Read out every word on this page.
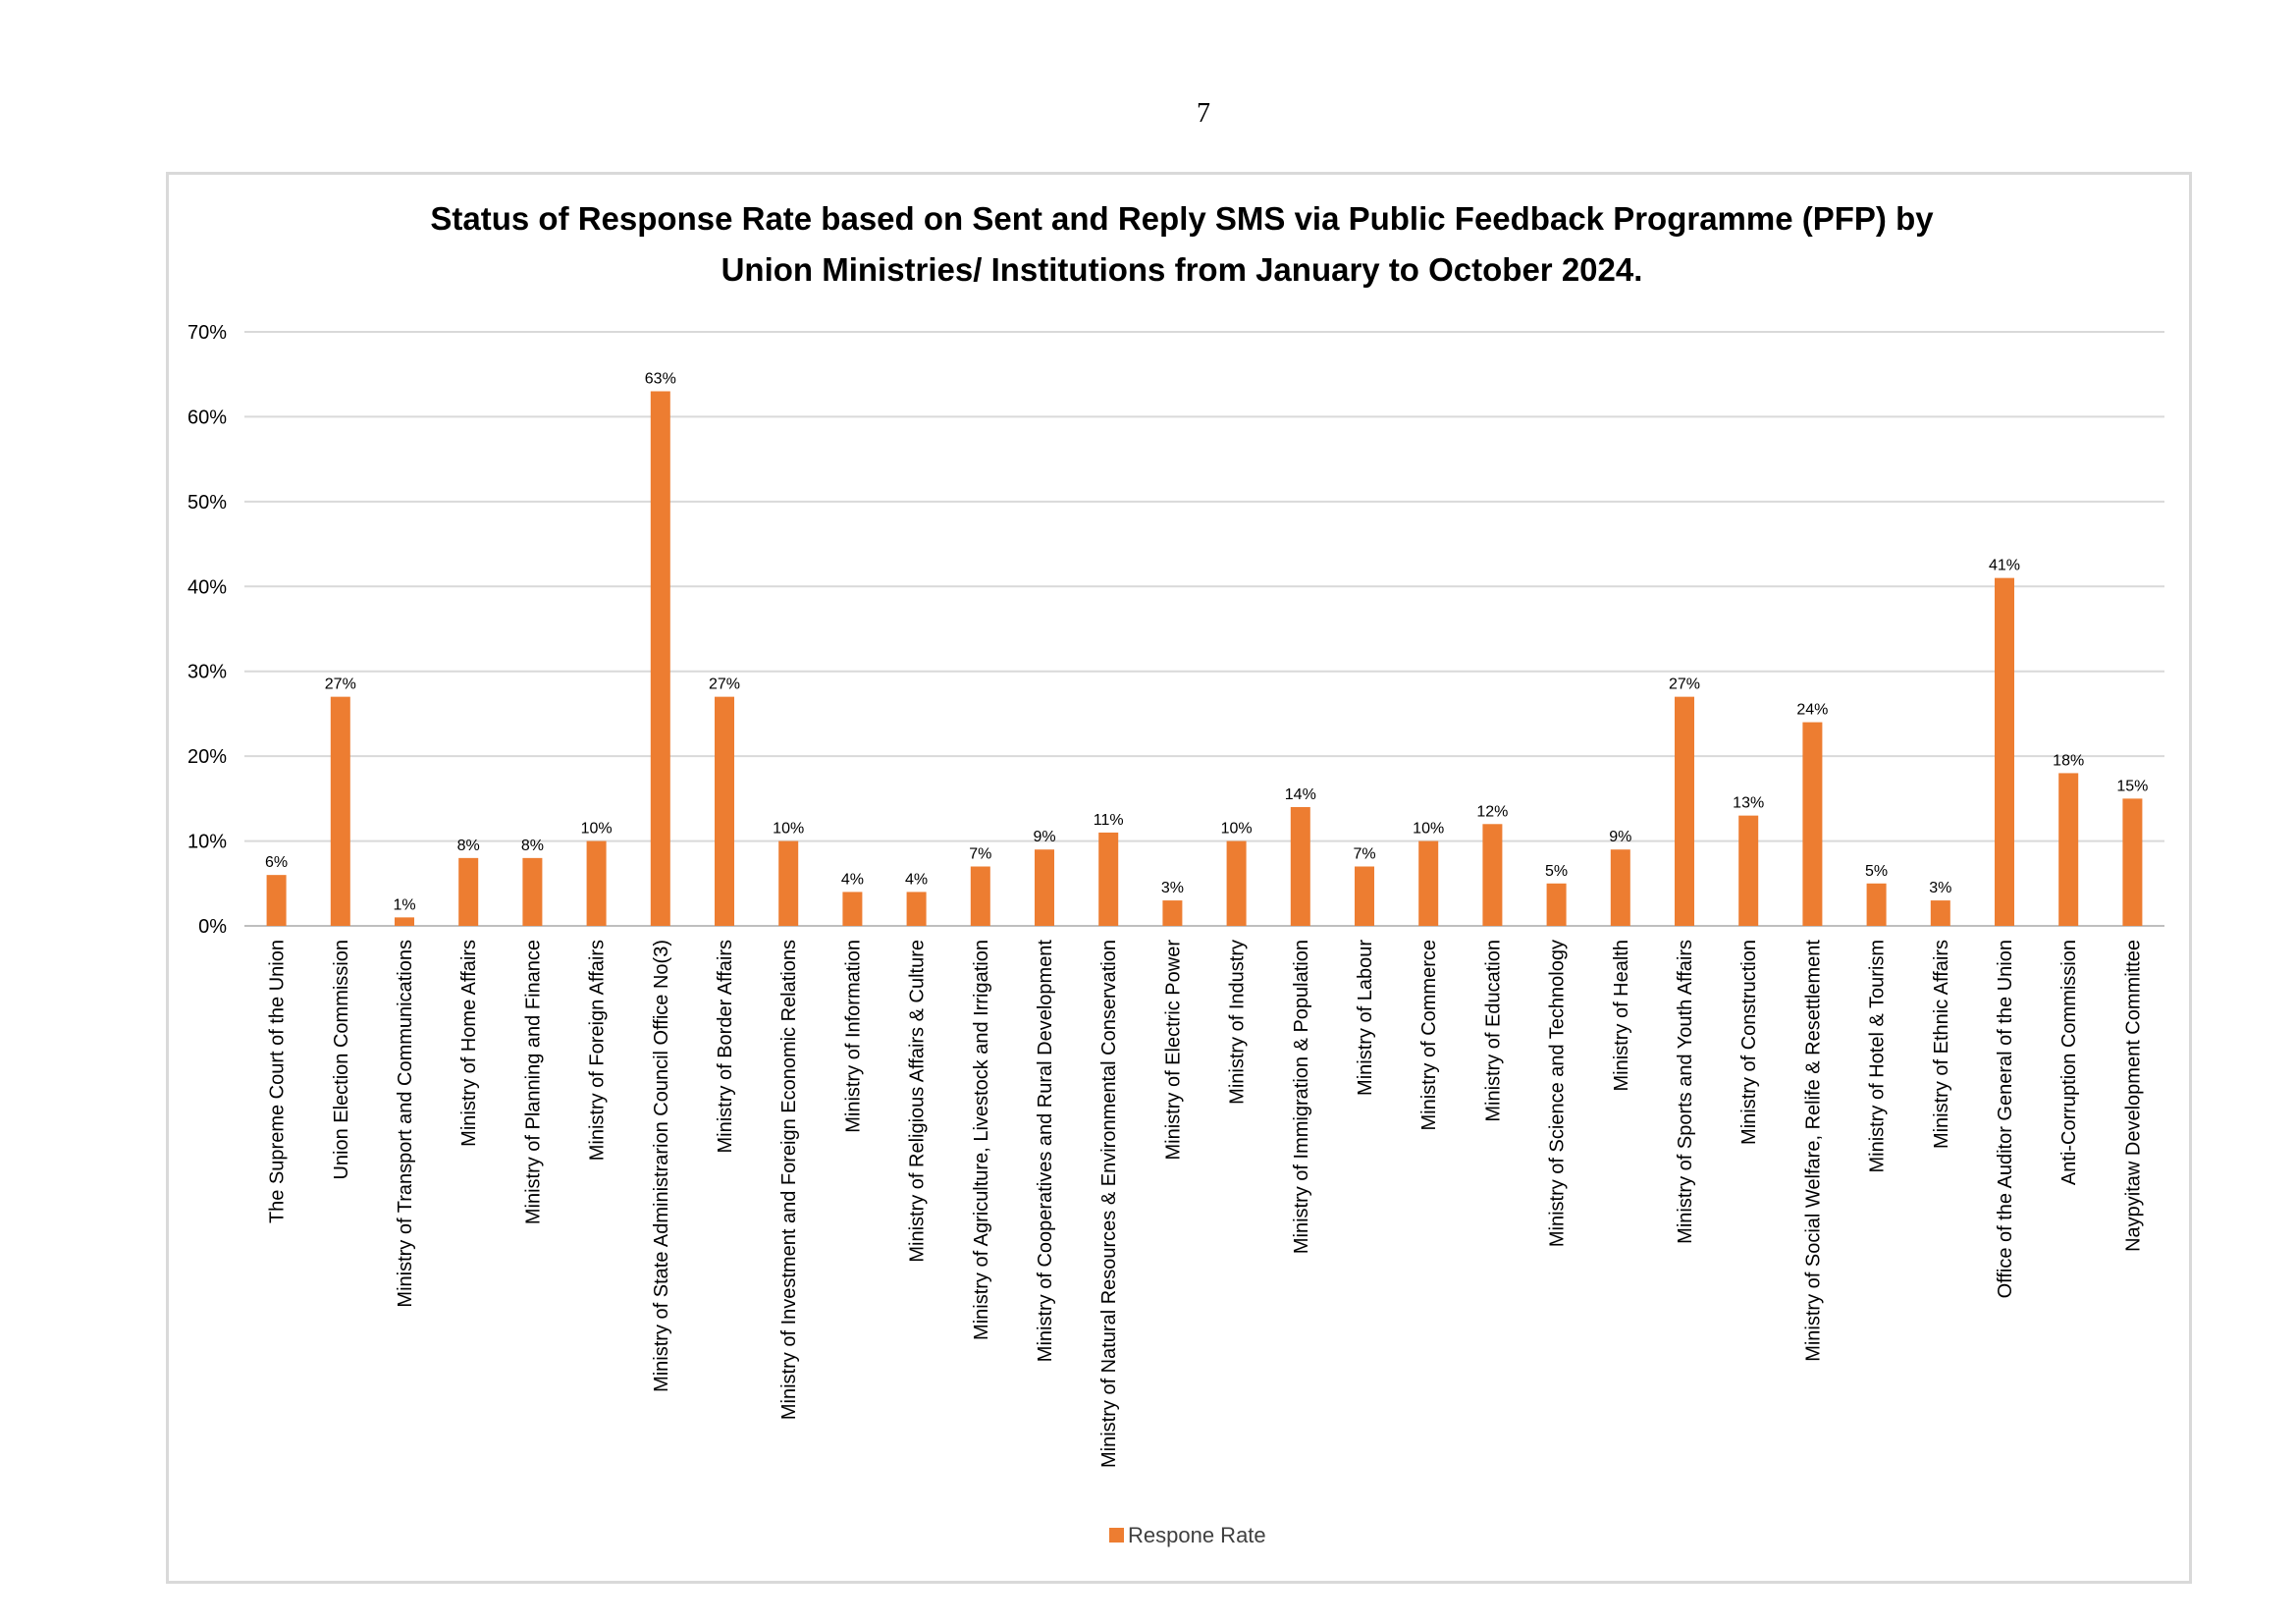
7
Status of Response Rate based on Sent and Reply SMS via Public Feedback Programme (PFP) by
Union Ministries/ Institutions from January to October 2024.
0%
10%
20%
30%
40%
50%
60%
70%
6%
27%
1%
8%	8%
10%
63%
27%
10%
4%	4%
7%
9%
11%
3%
10%
14%
7%
10%
12%
5%
9%
27%
13%
24%
5%
3%
41%
18%
15%
The Supreme Court of the Union Union Election Commission Ministry of Transport and Communications Ministry of Home Affairs Ministry of Planning and Finance Ministry of Foreign Affairs Ministry of State Administrarion Council Office No(3) Ministry of Border Affairs Ministry of Investment and Foreign Economic Relations Ministry of Information Ministry of Religious Affairs & Culture Ministry of Agriculture, Livestock and Irrigation Ministry of Cooperatives and Rural Development Ministry of Natural Resources & Environmental Conservation Ministry of Electric Power Ministry of Industry Ministry of Immigration & Population Ministry of Labour Ministry of Commerce Ministry of Education Ministry of Science and Technology Ministry of Health Ministry of Sports and Youth Affairs Ministry of Construction Ministry of Social Welfare, Relife & Resettlement Ministry of Hotel & Tourism Ministry of Ethnic Affairs Office of the Auditor General of the Union Anti-Corruption Commission Naypyitaw Development Committee
Respone Rate
